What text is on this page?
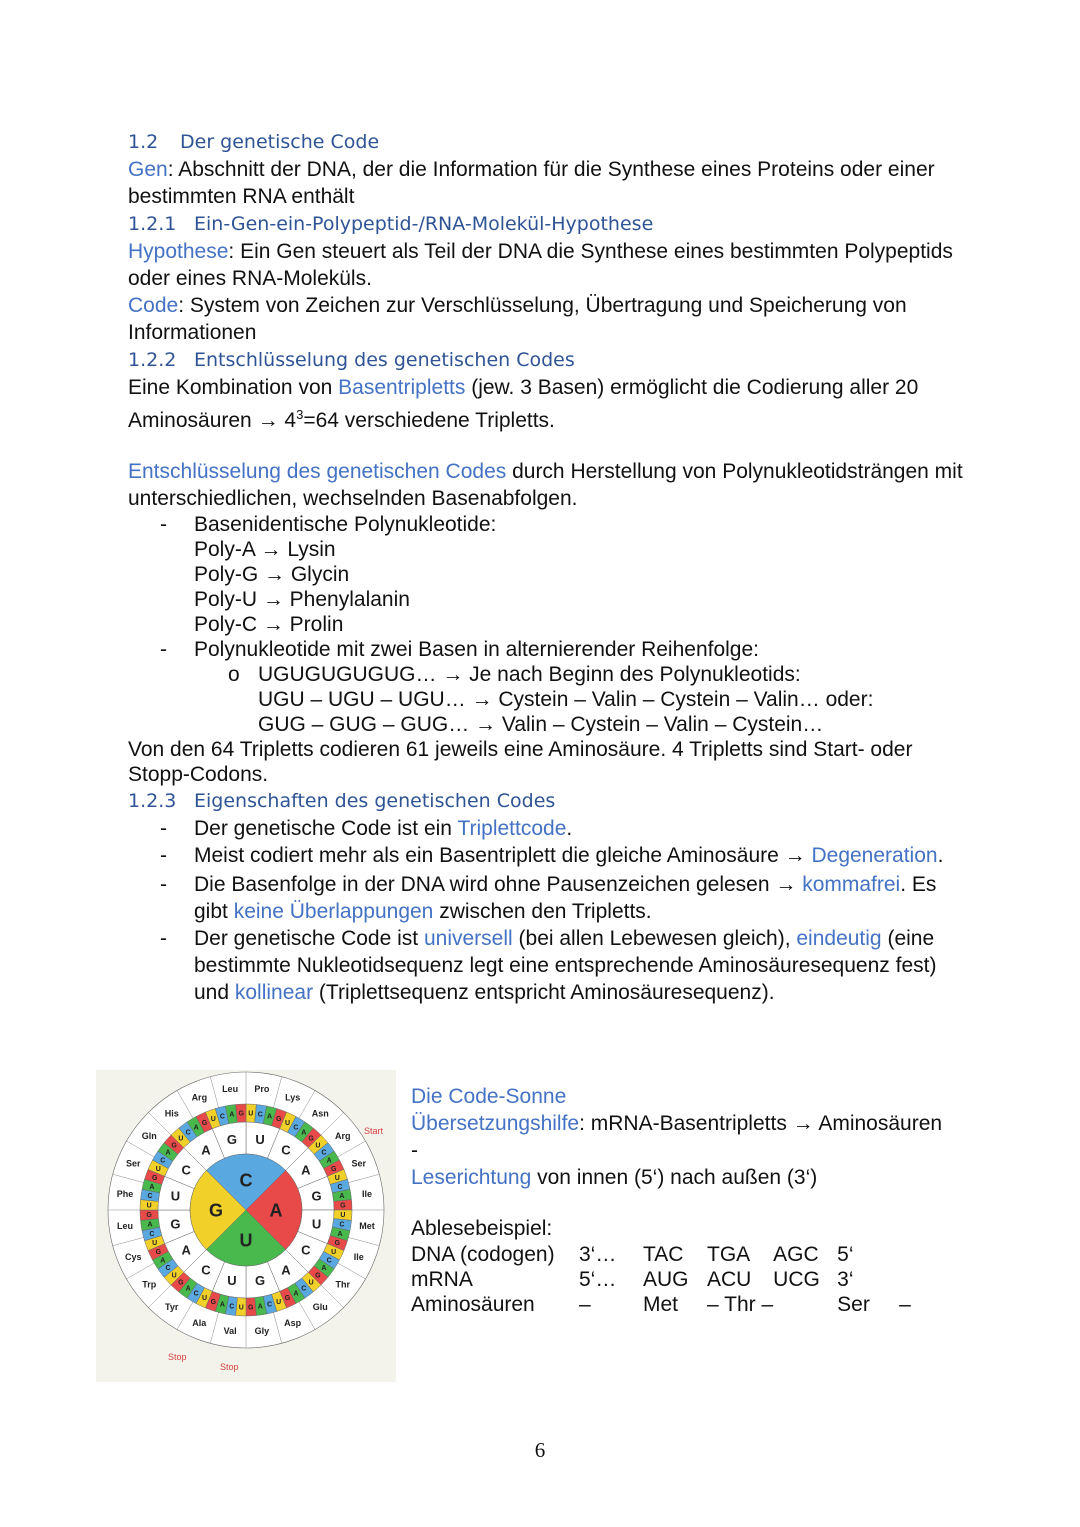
1.2 Der genetische Code

Gen: Abschnitt der DNA, der die Information für die Synthese eines Proteins oder einer bestimmten RNA enthält

1.2.1 Ein-Gen-ein-Polypeptid-/RNA-Molekül-Hypothese

Hypothese: Ein Gen steuert als Teil der DNA die Synthese eines bestimmten Polypeptids oder eines RNA-Moleküls.

Code: System von Zeichen zur Verschlüsselung, Übertragung und Speicherung von Informationen

1.2.2 Entschlüsselung des genetischen Codes

Eine Kombination von Basentripletts (jew. 3 Basen) ermöglicht die Codierung aller 20 Aminosäuren → $4^3=64$ verschiedene Tripletts.

Entschlüsselung des genetischen Codes durch Herstellung von Polynukleotidsträngen mit unterschiedlichen, wechselnden Basenabfolgen.

- Basenidentische Polynukleotide:
Poly-A → Lysin
Poly-G → Glycin
Poly-U → Phenylalanin
Poly-C → Prolin
- Polynukleotide mit zwei Basen in alternierender Reihenfolge:
o UGUGUGUGUG… → Je nach Beginn des Polynukleotids:
UGU – UGU – UGU… → Cystein – Valin – Cystein – Valin… oder:
GUG – GUG – GUG… → Valin – Cystein – Valin – Cystein…

Von den 64 Tripletts codieren 61 jeweils eine Aminosäure. 4 Tripletts sind Start- oder Stopp-Codons.

1.2.3 Eigenschaften des genetischen Codes
- Der genetische Code ist ein Triplettcode.
- Meist codiert mehr als ein Basentriplett die gleiche Aminosäure → Degeneration.
- Die Basenfolge in der DNA wird ohne Pausenzeichen gelesen → kommafrei. Es gibt keine Überlappungen zwischen den Tripletts.
- Der genetische Code ist universell (bei allen Lebewesen gleich), eindeutig (eine bestimmte Nukleotidsequenz legt eine entsprechende Aminosäuresequenz fest) und kollinear (Triplettsequenz entspricht Aminosäuresequenz).
Pro
Lys
Asn
Arg
Ser
Ile
Met
Ile
Thr
Glu
Asp
Gly
Val
Ala
Tyr
Trp
Cys
Leu
Phe
Ser
Gln
His
Arg
Leu
U C A G
U
C
A
G
U
C
A
G
U
C
A
G
U
C
A
G
U
C
A
G
U
C
A
G
U
C
A
G
U
C
A
G
U
C
A
G
U
C
A
G
U
C
A
G
U
C
A
G
U
C
A
G
U
C
A
G
U C A G
U
C
A
G
U
C
A
G
U
C
A
G
U
C
A
G
C
A
U
G
Start
Stop
Stop
Die Code-Sonne
Übersetzungshilfe: mRNA-Basentripletts → Aminosäuren
-
Leserichtung von innen (5‘) nach außen (3‘)
Ablesebeispiel:
DNA (codogen)	3‘…	TAC	TGA	AGC	5‘	
mRNA	5‘…	AUG	ACU	UCG	3‘	
Aminosäuren	–	Met	– Thr –		Ser	–
6
